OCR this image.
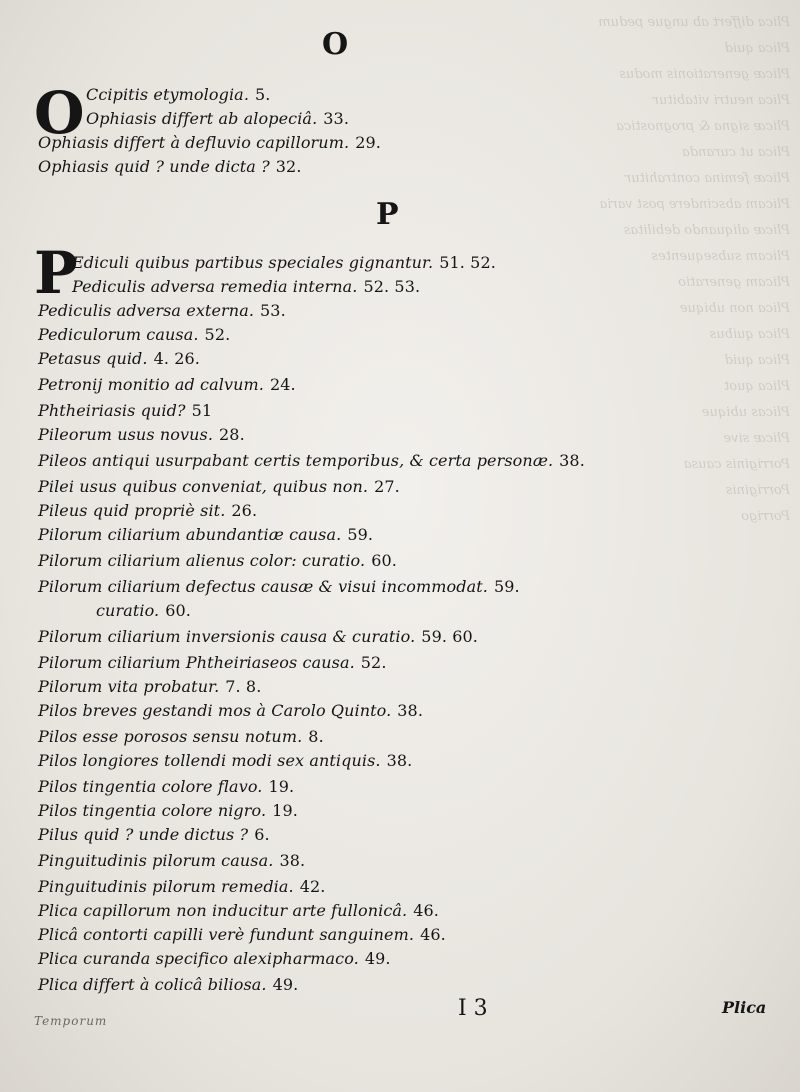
Plica differt ab ungue pedum
Plica quid
Plicæ generationis modus
Plica neutri vitabitur
Plicæ signa & prognostica
Plica ut curanda
Plicæ femina contrahitur
Plicam abscindere post varia
Plicæ aliquando debilitas
Plicam subsequentes
Plicam generatio
Plica non ubique
Plica quibus
Plica quid
Plica quot
Plicas ubique
Plicæ sive
Porriginis causa
Porriginis
Porrigo
O
O Ccipitis etymologia. 5.
Ophiasis differt ab alopeciâ. 33.
Ophiasis differt à defluvio capillorum. 29.
Ophiasis quid ? unde dicta ? 32.
P
P
Ediculi quibus partibus speciales gignantur. 51. 52.
Pediculis adversa remedia interna. 52. 53.
Pediculis adversa externa. 53.
Pediculorum causa. 52.
Petasus quid. 4. 26.
Petronij monitio ad calvum. 24.
Phtheiriasis quid? 51
Pileorum usus novus. 28.
Pileos antiqui usurpabant certis temporibus, & certa personæ. 38.
Pilei usus quibus conveniat, quibus non. 27.
Pileus quid propriè sit. 26.
Pilorum ciliarium abundantiæ causa. 59.
Pilorum ciliarium alienus color: curatio. 60.
Pilorum ciliarium defectus causæ & visui incommodat. 59.
curatio. 60.
Pilorum ciliarium inversionis causa & curatio. 59. 60.
Pilorum ciliarium Phtheiriaseos causa. 52.
Pilorum vita probatur. 7. 8.
Pilos breves gestandi mos à Carolo Quinto. 38.
Pilos esse porosos sensu notum. 8.
Pilos longiores tollendi modi sex antiquis. 38.
Pilos tingentia colore flavo. 19.
Pilos tingentia colore nigro. 19.
Pilus quid ? unde dictus ? 6.
Pinguitudinis pilorum causa. 38.
Pinguitudinis pilorum remedia. 42.
Plica capillorum non inducitur arte fullonicâ. 46.
Plicâ contorti capilli verè fundunt sanguinem. 46.
Plica curanda specifico alexipharmaco. 49.
Plica differt à colicâ biliosa. 49.
Temporum	I 3	Plica
